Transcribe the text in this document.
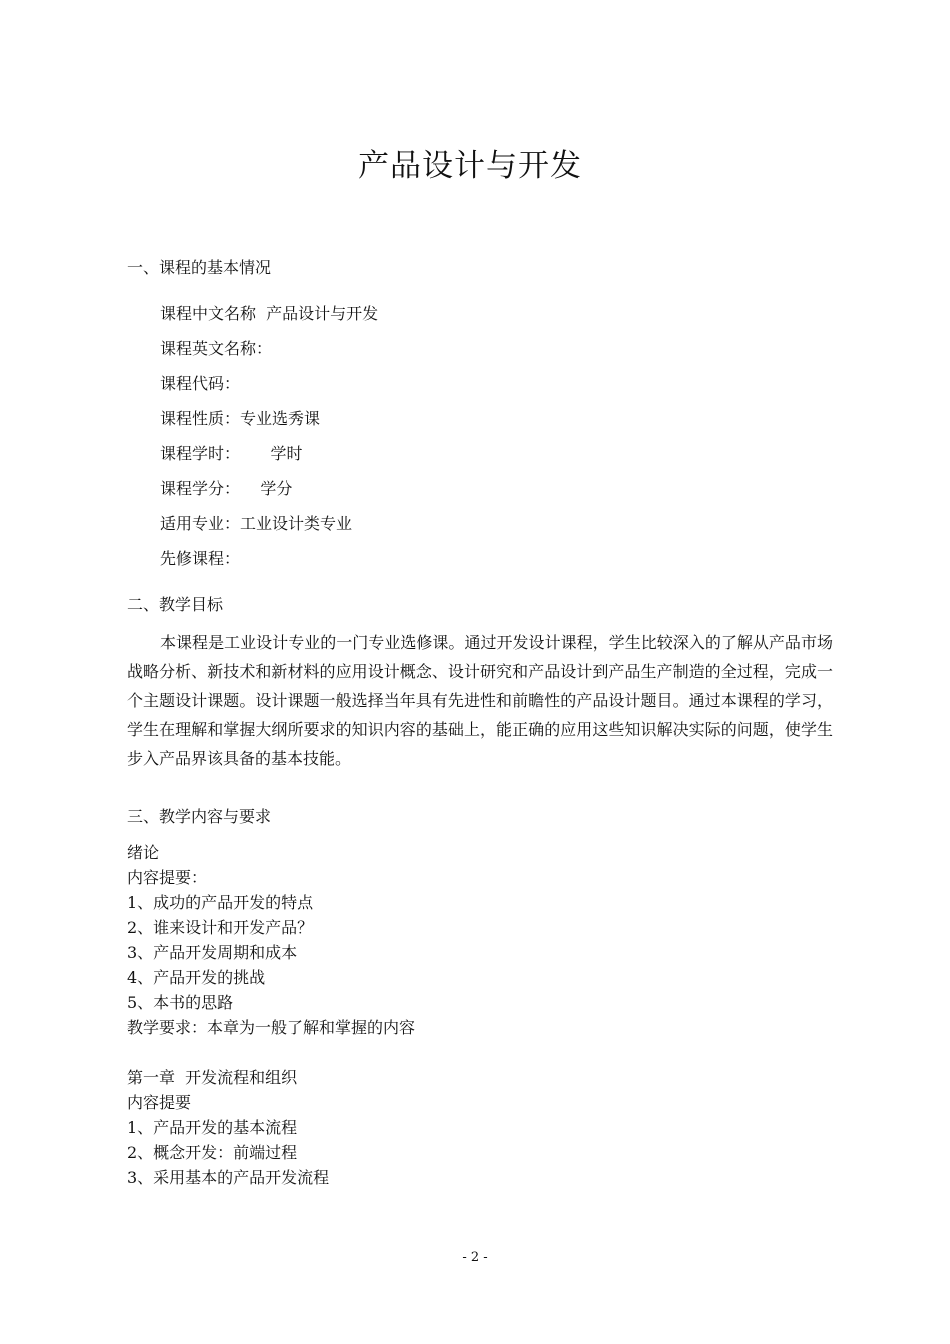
产品设计与开发
一、课程的基本情况
课程中文名称  产品设计与开发
课程英文名称：
课程代码：
课程性质：专业选秀课
课程学时：      学时
课程学分：    学分
适用专业：工业设计类专业
先修课程：
二、教学目标

本课程是工业设计专业的一门专业选修课。通过开发设计课程，学生比较深入的了解从产品市场战略分析、新技术和新材料的应用设计概念、设计研究和产品设计到产品生产制造的全过程，完成一个主题设计课题。设计课题一般选择当年具有先进性和前瞻性的产品设计题目。通过本课程的学习，学生在理解和掌握大纲所要求的知识内容的基础上，能正确的应用这些知识解决实际的问题，使学生步入产品界该具备的基本技能。

三、教学内容与要求
绪论
内容提要：
1、成功的产品开发的特点
2、谁来设计和开发产品？
3、产品开发周期和成本
4、产品开发的挑战
5、本书的思路
教学要求：本章为一般了解和掌握的内容
第一章  开发流程和组织
内容提要
1、产品开发的基本流程
2、概念开发：前端过程
3、采用基本的产品开发流程
- 2 -
